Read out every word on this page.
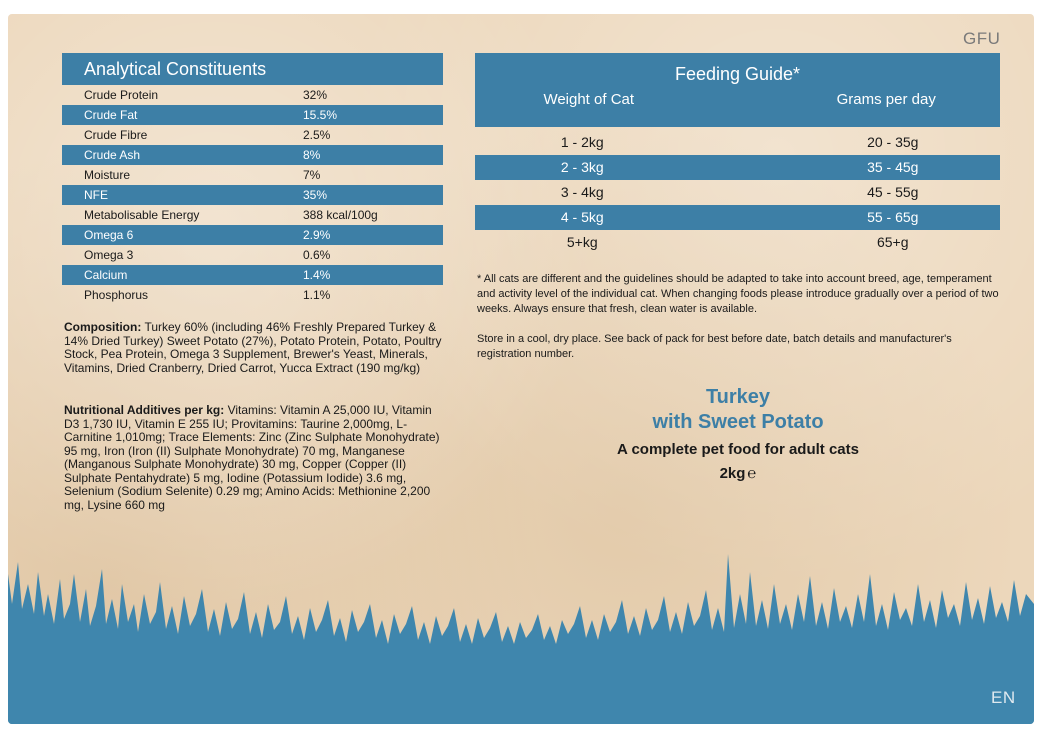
GFU
Analytical Constituents
Crude Protein	32%
Crude Fat	15.5%
Crude Fibre	2.5%
Crude Ash	8%
Moisture	7%
NFE	35%
Metabolisable Energy	388 kcal/100g
Omega 6	2.9%
Omega 3	0.6%
Calcium	1.4%
Phosphorus	1.1%

Composition: Turkey 60% (including 46% Freshly Prepared Turkey & 14% Dried Turkey) Sweet Potato (27%), Potato Protein, Potato, Poultry Stock, Pea Protein, Omega 3 Supplement, Brewer's Yeast, Minerals, Vitamins, Dried Cranberry, Dried Carrot, Yucca Extract (190 mg/kg)

Nutritional Additives per kg: Vitamins: Vitamin A 25,000 IU, Vitamin D3 1,730 IU, Vitamin E 255 IU; Provitamins: Taurine 2,000mg, L-Carnitine 1,010mg; Trace Elements: Zinc (Zinc Sulphate Monohydrate) 95 mg, Iron (Iron (II) Sulphate Monohydrate) 70 mg, Manganese (Manganous Sulphate Monohydrate) 30 mg, Copper (Copper (II) Sulphate Pentahydrate) 5 mg, Iodine (Potassium Iodide) 3.6 mg, Selenium (Sodium Selenite) 0.29 mg; Amino Acids: Methionine 2,200 mg, Lysine 660 mg

Feeding Guide*
Weight of Cat	Grams per day
1 - 2kg	20 - 35g
2 - 3kg	35 - 45g
3 - 4kg	45 - 55g
4 - 5kg	55 - 65g
5+kg	65+g

* All cats are different and the guidelines should be adapted to take into account breed, age, temperament and activity level of the individual cat. When changing foods please introduce gradually over a period of two weeks. Always ensure that fresh, clean water is available.

Store in a cool, dry place. See back of pack for best before date, batch details and manufacturer's registration number.

Turkey
with Sweet Potato
A complete pet food for adult cats
2kg ℮
EN
